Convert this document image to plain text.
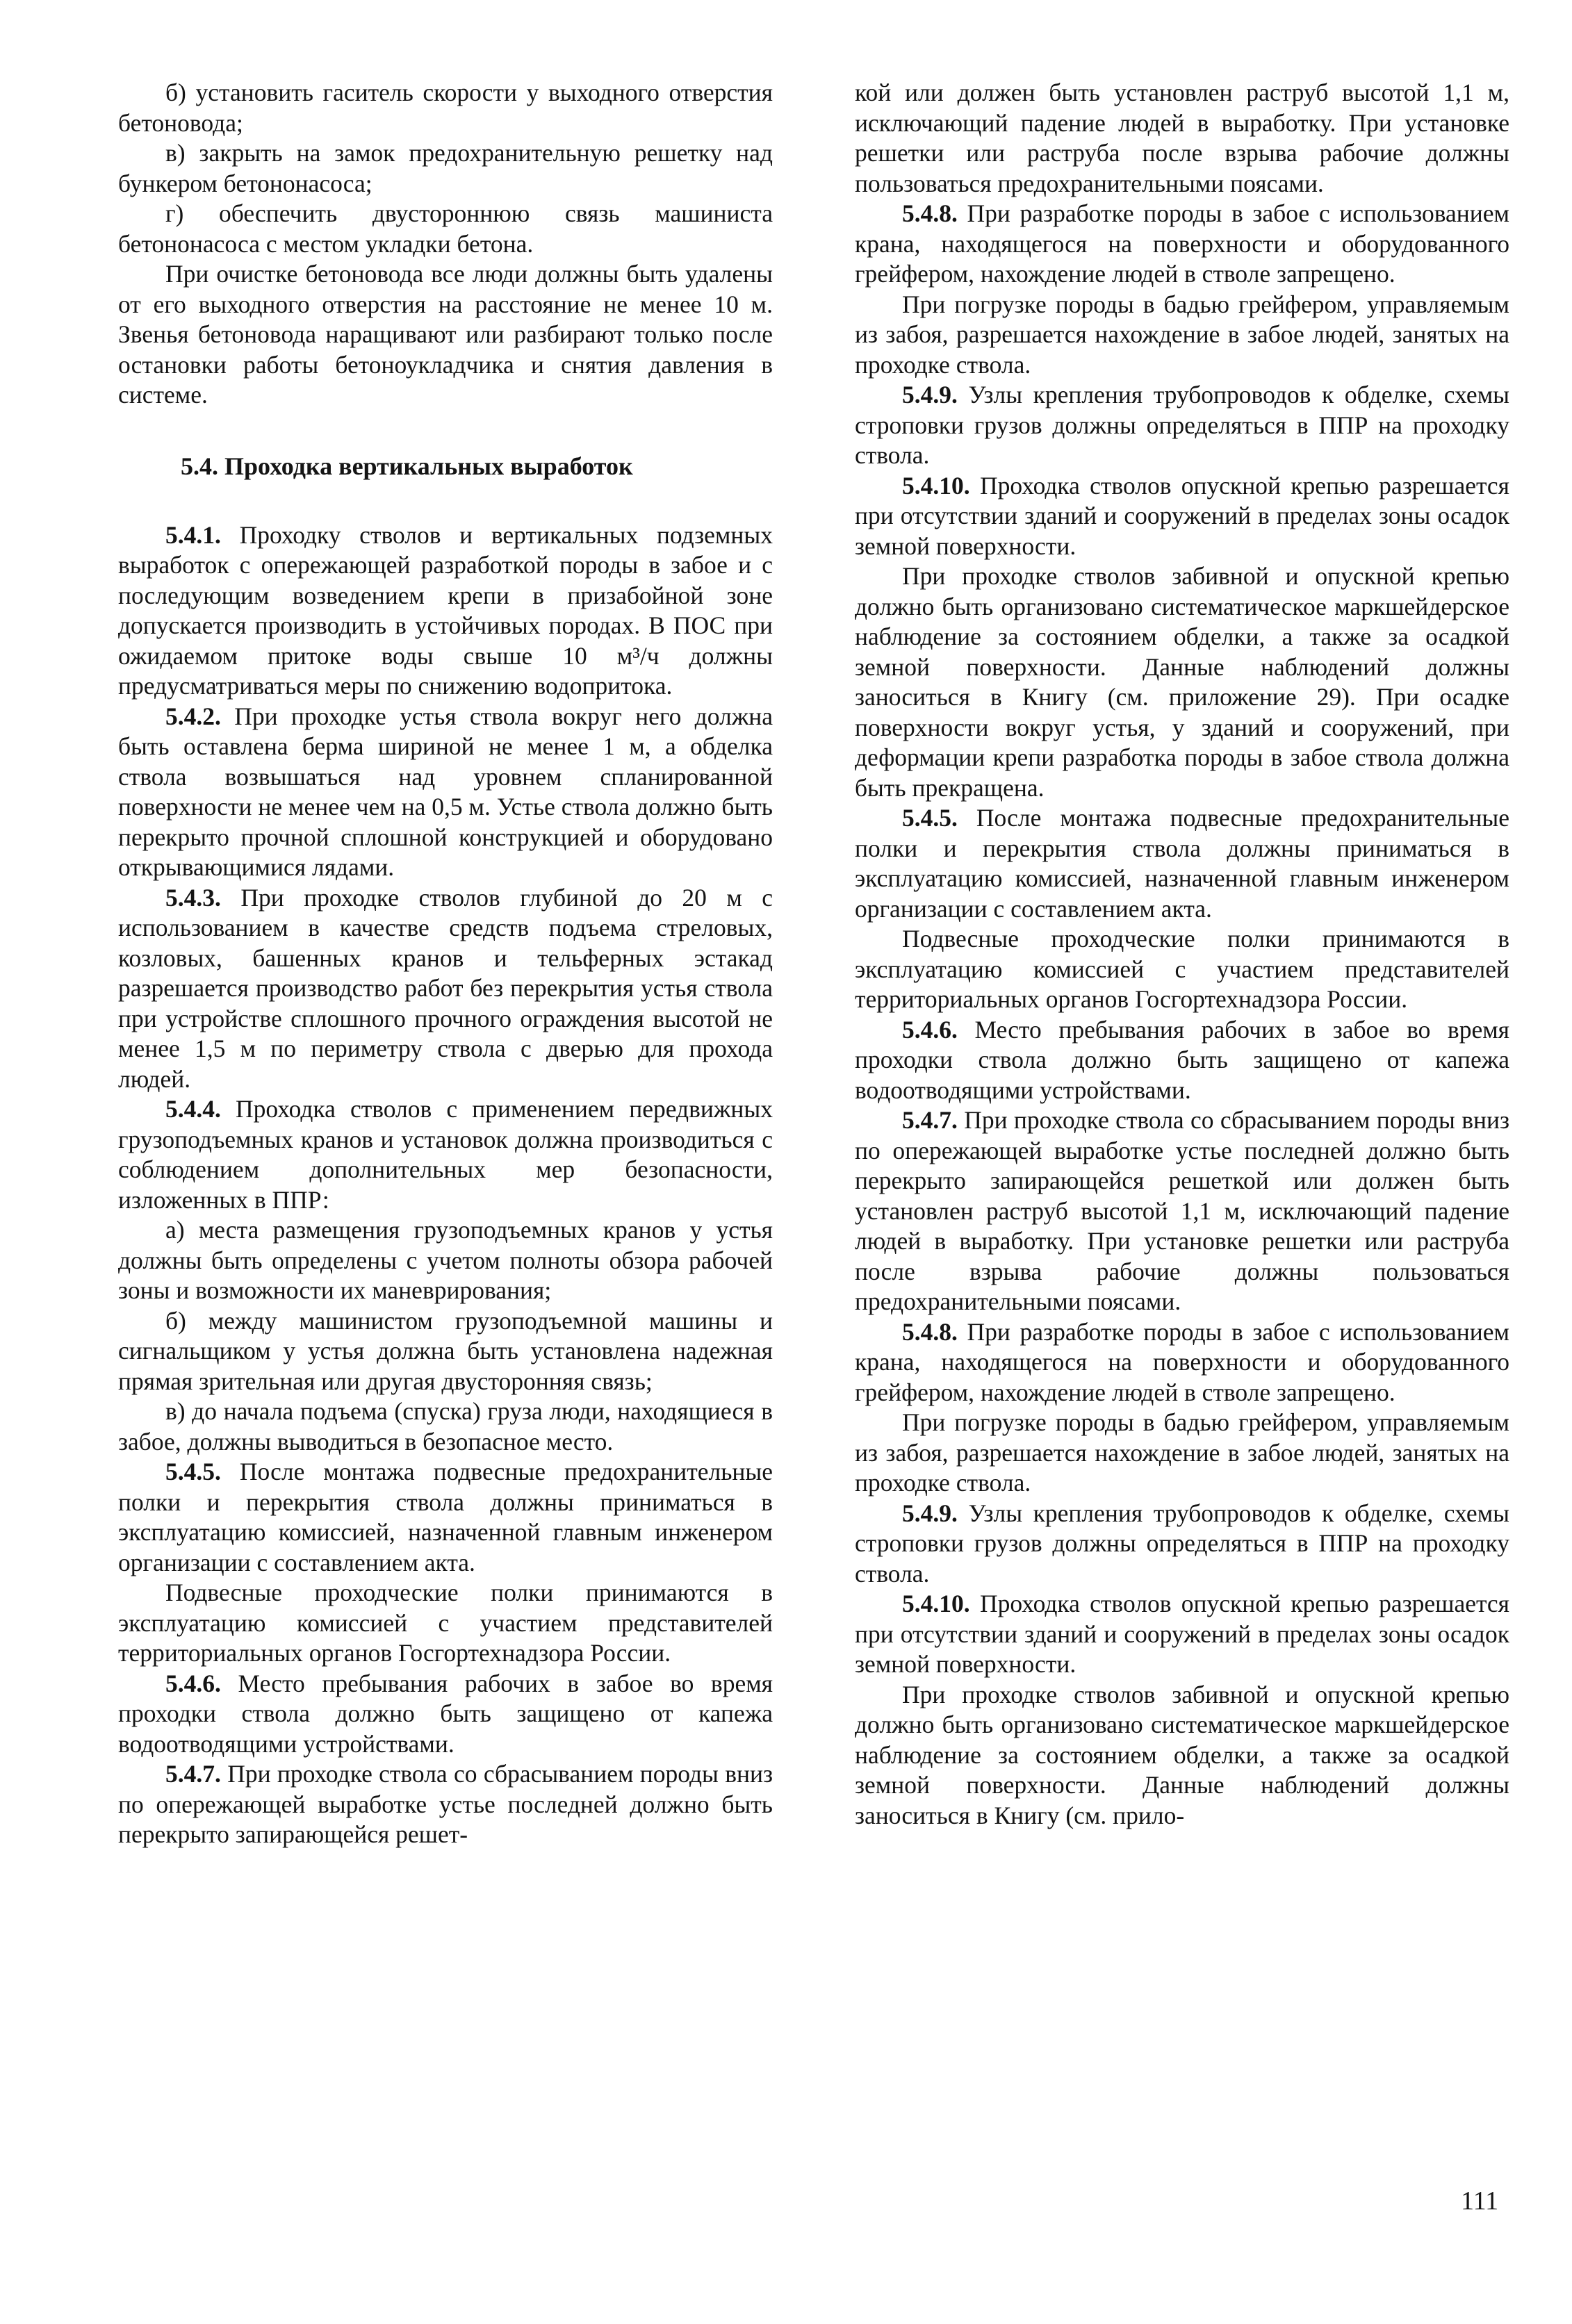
б) установить гаситель скорости у выходного отверстия бетоновода;

в) закрыть на замок предохранительную решетку над бункером бетононасоса;

г) обеспечить двустороннюю связь машиниста бетононасоса с местом укладки бетона.

При очистке бетоновода все люди должны быть удалены от его выходного отверстия на расстояние не менее 10 м. Звенья бетоновода наращивают или разбирают только после остановки работы бетоноукладчика и снятия давления в системе.

5.4. Проходка вертикальных выработок

5.4.1. Проходку стволов и вертикальных подземных выработок с опережающей разработкой породы в забое и с последующим возведением крепи в призабойной зоне допускается производить в устойчивых породах. В ПОС при ожидаемом притоке воды свыше 10 м³/ч должны предусматриваться меры по снижению водопритока.

5.4.2. При проходке устья ствола вокруг него должна быть оставлена берма шириной не менее 1 м, а обделка ствола возвышаться над уровнем спланированной поверхности не менее чем на 0,5 м. Устье ствола должно быть перекрыто прочной сплошной конструкцией и оборудовано открывающимися лядами.

5.4.3. При проходке стволов глубиной до 20 м с использованием в качестве средств подъема стреловых, козловых, башенных кранов и тельферных эстакад разрешается производство работ без перекрытия устья ствола при устройстве сплошного прочного ограждения высотой не менее 1,5 м по периметру ствола с дверью для прохода людей.

5.4.4. Проходка стволов с применением передвижных грузоподъемных кранов и установок должна производиться с соблюдением дополнительных мер безопасности, изложенных в ППР:

а) места размещения грузоподъемных кранов у устья должны быть определены с учетом полноты обзора рабочей зоны и возможности их маневрирования;

б) между машинистом грузоподъемной машины и сигнальщиком у устья должна быть установлена надежная прямая зрительная или другая двусторонняя связь;

в) до начала подъема (спуска) груза люди, находящиеся в забое, должны выводиться в безопасное место.

5.4.5. После монтажа подвесные предохранительные полки и перекрытия ствола должны приниматься в эксплуатацию комиссией, назначенной главным инженером организации с составлением акта.

Подвесные проходческие полки принимаются в эксплуатацию комиссией с участием представителей территориальных органов Госгортехнадзора России.

5.4.6. Место пребывания рабочих в забое во время проходки ствола должно быть защищено от капежа водоотводящими устройствами.

5.4.7. При проходке ствола со сбрасыванием породы вниз по опережающей выработке устье последней должно быть перекрыто запирающейся решет-

кой или должен быть установлен раструб высотой 1,1 м, исключающий падение людей в выработку. При установке решетки или раструба после взрыва рабочие должны пользоваться предохранительными поясами.

5.4.8. При разработке породы в забое с использованием крана, находящегося на поверхности и оборудованного грейфером, нахождение людей в стволе запрещено.

При погрузке породы в бадью грейфером, управляемым из забоя, разрешается нахождение в забое людей, занятых на проходке ствола.

5.4.9. Узлы крепления трубопроводов к обделке, схемы строповки грузов должны определяться в ППР на проходку ствола.

5.4.10. Проходка стволов опускной крепью разрешается при отсутствии зданий и сооружений в пределах зоны осадок земной поверхности.

При проходке стволов забивной и опускной крепью должно быть организовано систематическое маркшейдерское наблюдение за состоянием обделки, а также за осадкой земной поверхности. Данные наблюдений должны заноситься в Книгу (см. приложение 29). При осадке поверхности вокруг устья, у зданий и сооружений, при деформации крепи разработка породы в забое ствола должна быть прекращена.

5.4.5. После монтажа подвесные предохранительные полки и перекрытия ствола должны приниматься в эксплуатацию комиссией, назначенной главным инженером организации с составлением акта.

Подвесные проходческие полки принимаются в эксплуатацию комиссией с участием представителей территориальных органов Госгортехнадзора России.

5.4.6. Место пребывания рабочих в забое во время проходки ствола должно быть защищено от капежа водоотводящими устройствами.

5.4.7. При проходке ствола со сбрасыванием породы вниз по опережающей выработке устье последней должно быть перекрыто запирающейся решеткой или должен быть установлен раструб высотой 1,1 м, исключающий падение людей в выработку. При установке решетки или раструба после взрыва рабочие должны пользоваться предохранительными поясами.

5.4.8. При разработке породы в забое с использованием крана, находящегося на поверхности и оборудованного грейфером, нахождение людей в стволе запрещено.

При погрузке породы в бадью грейфером, управляемым из забоя, разрешается нахождение в забое людей, занятых на проходке ствола.

5.4.9. Узлы крепления трубопроводов к обделке, схемы строповки грузов должны определяться в ППР на проходку ствола.

5.4.10. Проходка стволов опускной крепью разрешается при отсутствии зданий и сооружений в пределах зоны осадок земной поверхности.

При проходке стволов забивной и опускной крепью должно быть организовано систематическое маркшейдерское наблюдение за состоянием обделки, а также за осадкой земной поверхности. Данные наблюдений должны заноситься в Книгу (см. прило-

111
